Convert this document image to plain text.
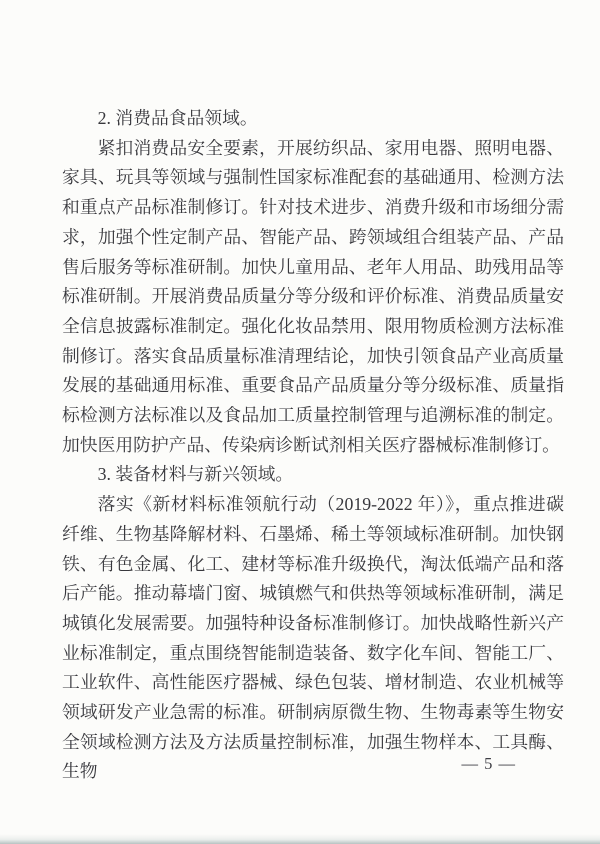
2. 消费品食品领域。

紧扣消费品安全要素，开展纺织品、家用电器、照明电器、家具、玩具等领域与强制性国家标准配套的基础通用、检测方法和重点产品标准制修订。针对技术进步、消费升级和市场细分需求，加强个性定制产品、智能产品、跨领域组合组装产品、产品售后服务等标准研制。加快儿童用品、老年人用品、助残用品等标准研制。开展消费品质量分等分级和评价标准、消费品质量安全信息披露标准制定。强化化妆品禁用、限用物质检测方法标准制修订。落实食品质量标准清理结论，加快引领食品产业高质量发展的基础通用标准、重要食品产品质量分等分级标准、质量指标检测方法标准以及食品加工质量控制管理与追溯标准的制定。加快医用防护产品、传染病诊断试剂相关医疗器械标准制修订。

3. 装备材料与新兴领域。

落实《新材料标准领航行动（2019-2022 年）》，重点推进碳纤维、生物基降解材料、石墨烯、稀土等领域标准研制。加快钢铁、有色金属、化工、建材等标准升级换代，淘汰低端产品和落后产能。推动幕墙门窗、城镇燃气和供热等领域标准研制，满足城镇化发展需要。加强特种设备标准制修订。加快战略性新兴产业标准制定，重点围绕智能制造装备、数字化车间、智能工厂、工业软件、高性能医疗器械、绿色包装、增材制造、农业机械等领域研发产业急需的标准。研制病原微生物、生物毒素等生物安全领域检测方法及方法质量控制标准，加强生物样本、工具酶、生物	— 5 —
